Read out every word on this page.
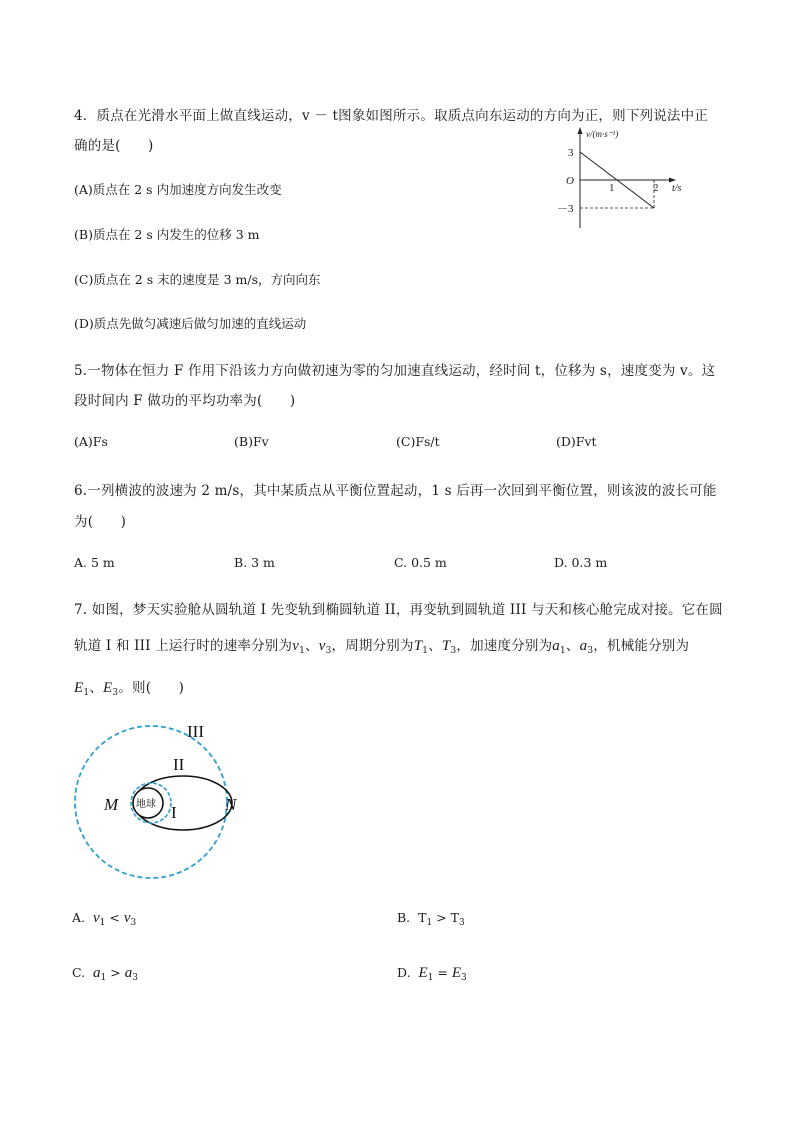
4．质点在光滑水平面上做直线运动，v － t图象如图所示。取质点向东运动的方向为正，则下列说法中正
确的是(　　)
(A)质点在 2 s 内加速度方向发生改变
(B)质点在 2 s 内发生的位移 3 m
(C)质点在 2 s 末的速度是 3 m/s，方向向东
(D)质点先做匀减速后做匀加速的直线运动
v/(m·s⁻¹)
t/s
O
3
－3
1	2
5.一物体在恒力 F 作用下沿该力方向做初速为零的匀加速直线运动，经时间 t，位移为 s，速度变为 v。这
段时间内 F 做功的平均功率为(　　)
(A)Fs	(B)Fv	(C)Fs/t	(D)Fvt
6.一列横波的波速为 2 m/s，其中某质点从平衡位置起动，1 s 后再一次回到平衡位置，则该波的波长可能
为(　　)
A. 5 m	B. 3 m	C. 0.5 m	D. 0.3 m
7. 如图，梦天实验舱从圆轨道 I 先变轨到椭圆轨道 II，再变轨到圆轨道 III 与天和核心舱完成对接。它在圆
轨道 I 和 III 上运行时的速率分别为$v_1$、$v_3$，周期分别为$T_1$、$T_3$，加速度分别为$a_1$、$a_3$，机械能分别为
$E_1$、$E_3$。则(　　)
地球
III
II
I
M	N
A. $v_1 < v_3$	B. $T_1 > T_3$
C. $a_1 > a_3$	D. $E_1 = E_3$
